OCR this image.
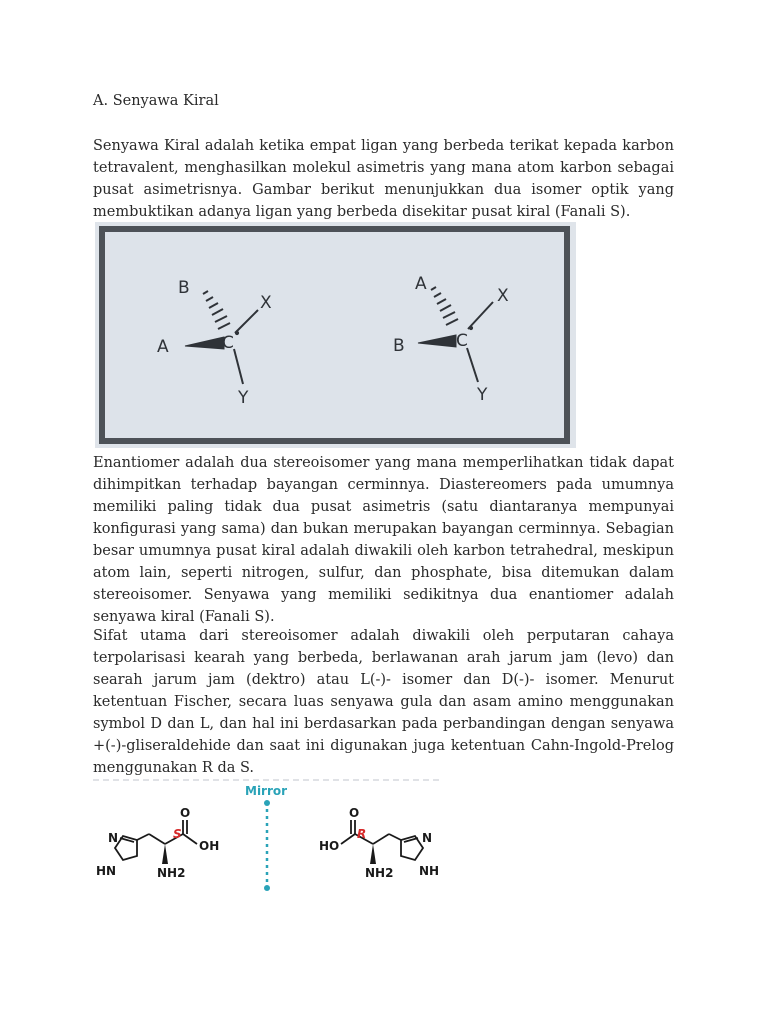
A. Senyawa Kiral

Senyawa Kiral adalah ketika empat ligan yang berbeda terikat kepada karbon tetravalent, menghasilkan molekul asimetris yang mana atom karbon sebagai pusat asimetrisnya. Gambar berikut menunjukkan dua isomer optik yang membuktikan adanya ligan yang berbeda disekitar pusat kiral (Fanali S).

C
B
X
A
Y
C
A
X
B
Y

Enantiomer adalah dua stereoisomer yang mana memperlihatkan tidak dapat dihimpitkan terhadap bayangan cerminnya. Diastereomers pada umumnya memiliki paling tidak dua pusat asimetris (satu diantaranya mempunyai konfigurasi yang sama) dan bukan merupakan bayangan cerminnya. Sebagian besar umumnya pusat kiral adalah diwakili oleh karbon tetrahedral, meskipun atom lain, seperti nitrogen, sulfur, dan phosphate, bisa ditemukan dalam stereoisomer. Senyawa yang memiliki sedikitnya dua enantiomer adalah senyawa kiral (Fanali S).

Sifat utama dari stereoisomer adalah diwakili oleh perputaran cahaya terpolarisasi kearah yang berbeda, berlawanan arah jarum jam (levo) dan searah jarum jam (dektro) atau L(-)- isomer dan D(-)- isomer. Menurut ketentuan Fischer, secara luas senyawa gula dan asam amino menggunakan symbol D dan L, dan hal ini berdasarkan pada perbandingan dengan senyawa +(-)-gliseraldehide dan saat ini digunakan juga ketentuan Cahn-Ingold-Prelog menggunakan R da S.

Mirror
N
HN
O
OH
NH2
S	N
NH
O
HO
NH2
R
